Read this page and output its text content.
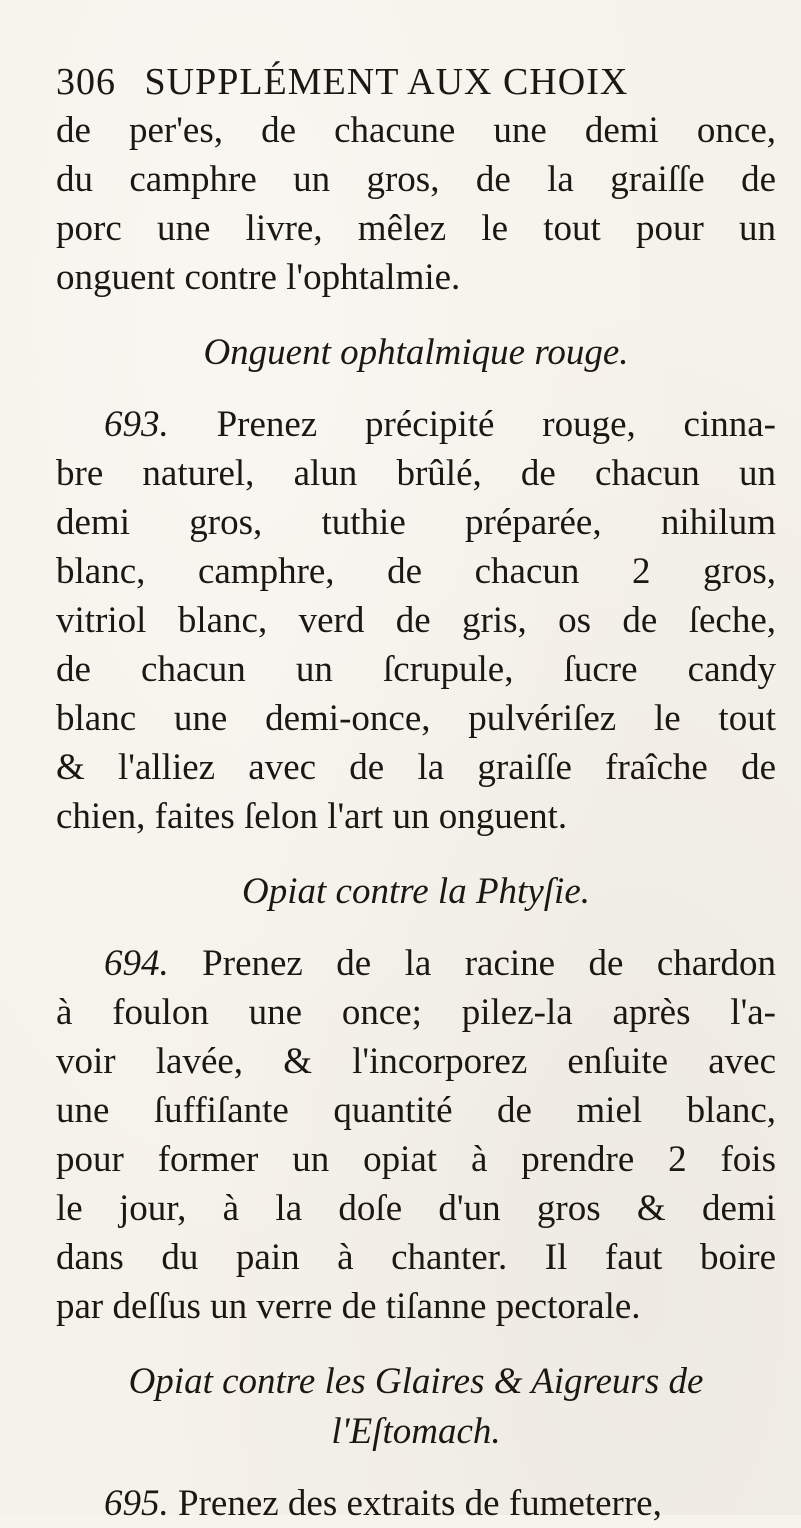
306 SUPPLÉMENT AUX CHOIX
de per'es, de chacune une demi once,
du camphre un gros, de la graiſſe de
porc une livre, mêlez le tout pour un
onguent contre l'ophtalmie.
Onguent ophtalmique rouge.
693. Prenez précipité rouge, cinna-
bre naturel, alun brûlé, de chacun un
demi gros, tuthie préparée, nihilum
blanc, camphre, de chacun 2 gros,
vitriol blanc, verd de gris, os de ſeche,
de chacun un ſcrupule, ſucre candy
blanc une demi-once, pulvériſez le tout
& l'alliez avec de la graiſſe fraîche de
chien, faites ſelon l'art un onguent.
Opiat contre la Phtyſie.
694. Prenez de la racine de chardon
à foulon une once; pilez-la après l'a-
voir lavée, & l'incorporez enſuite avec
une ſuffiſante quantité de miel blanc,
pour former un opiat à prendre 2 fois
le jour, à la doſe d'un gros & demi
dans du pain à chanter. Il faut boire
par deſſus un verre de tiſanne pectorale.
Opiat contre les Glaires & Aigreurs de
l'Eſtomach.
695. Prenez des extraits de fumeterre,
